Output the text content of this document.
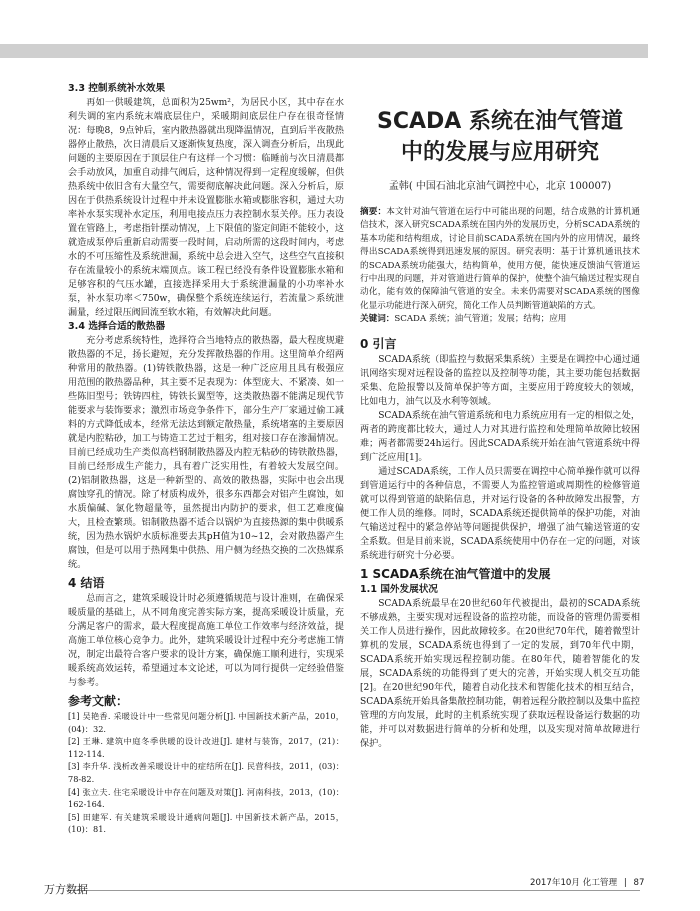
3.3 控制系统补水效果

再如一供暖建筑，总面积为25wm²，为居民小区，其中存在水利失调的室内系统末端底层住户，采暖期间底层住户存在很奇怪情况：每晚8，9点钟后，室内散热器就出现降温情况，直到后半夜散热器停止散热，次日清晨后又逐渐恢复热度，深入调查分析后，出现此问题的主要原因在于顶层住户有这样一个习惯：临睡前与次日清晨都会手动放风，加重自动排气阀后，这种情况得到一定程度缓解，但供热系统中依旧含有大量空气，需要彻底解决此问题。深入分析后，原因在于供热系统设计过程中并未设置膨胀水箱或膨胀容积，通过大功率补水泵实现补水定压，利用电接点压力表控制水泵关停。压力表设置在管路上，考虑指针摆动情况，上下限值的鉴定间距不能较小，这就造成泵停后重新启动需要一段时间，启动所需的这段时间内，考虑水的不可压缩性及系统泄漏，系统中总会进入空气，这些空气直接积存在流量较小的系统末端顶点。该工程已经没有条件设置膨胀水箱和足够容积的气压水罐，直接选择采用大于系统泄漏量的小功率补水泵，补水泵功率＜750w，确保整个系统连续运行，若流量＞系统泄漏量，经过限压阀回流至软水箱，有效解决此问题。

3.4 选择合适的散热器

充分考虑系统特性，选择符合当地特点的散热器，最大程度规避散热器的不足，扬长避短，充分发挥散热器的作用。这里简单介绍两种常用的散热器。(1)铸铁散热器，这是一种广泛应用且具有极强应用范围的散热器品种，其主要不足表现为：体型庞大、不紧凑、如一些陈旧型号；铁铸四柱，铸铁长翼型等，这类散热器不能满足现代节能要求与装饰要求；激烈市场竞争条件下，部分生产厂家通过偷工减料的方式降低成本，经常无法达到额定散热量，系统堵塞的主要原因就是内腔粘砂，加工与铸造工艺过于粗劣，组对接口存在渗漏情况。目前已经成功生产类似高档钢制散热器及内腔无粘砂的铸铁散热器，目前已经形成生产能力，具有着广泛实用性，有着较大发展空间。(2)铝制散热器，这是一种新型的、高效的散热器，实际中也会出现腐蚀穿孔的情况。除了材质构成外，很多东西都会对铝产生腐蚀，如水质偏碱、氯化物超量等，虽然提出内防护的要求，但工艺难度偏大，且检查繁琐。铝制散热器不适合以锅炉为直接热源的集中供暖系统，因为热水锅炉水质标准要去其pH值为10~12，会对散热器产生腐蚀，但是可以用于热网集中供热、用户侧为经热交换的二次热媒系统。

4 结语

总而言之，建筑采暖设计时必须遵循规范与设计准则，在确保采暖质量的基础上，从不同角度完善实际方案，提高采暖设计质量，充分满足客户的需求，最大程度提高施工单位工作效率与经济效益，提高施工单位核心竞争力。此外，建筑采暖设计过程中充分考虑施工情况，制定出最符合客户要求的设计方案，确保施工顺利进行，实现采暖系统高效运转，希望通过本文论述，可以为同行提供一定经验借鉴与参考。

参考文献：

[1] 吴艳香. 采暖设计中一些常见问题分析[J]. 中国新技术新产品，2010，(04)：32.

[2] 王琳. 建筑中庭冬季供暖的设计改进[J]. 建材与装饰，2017，(21)：112-114.

[3] 李升华. 浅析改善采暖设计中的症结所在[J]. 民营科技，2011，(03)：78-82.

[4] 张立夫. 住宅采暖设计中存在问题及对策[J]. 河南科技，2013，(10)：162-164.

[5] 田建军. 有关建筑采暖设计通病问题[J]. 中国新技术新产品，2015，(10)：81.

SCADA 系统在油气管道
中的发展与应用研究
孟韩( 中国石油北京油气调控中心，北京 100007)

摘要：本文针对油气管道在运行中可能出现的问题，结合成熟的计算机通信技术，深入研究SCADA系统在国内外的发展历史，分析SCADA系统的基本功能和结构组成，讨论目前SCADA系统在国内外的应用情况，最终得出SCADA系统得到迅速发展的原因。研究表明：基于计算机通讯技术的SCADA系统功能强大，结构简单，使用方便，能快速反馈油气管道运行中出现的问题，并对管道进行简单的保护，使整个油气输送过程实现自动化，能有效的保障油气管道的安全。未来仍需要对SCADA系统的图像化显示功能进行深入研究，简化工作人员判断管道缺陷的方式。

关键词：SCADA 系统；油气管道；发展；结构；应用

0 引言

SCADA系统（即监控与数据采集系统）主要是在调控中心通过通讯网络实现对远程设备的监控以及控制等功能，其主要功能包括数据采集、危险报警以及简单保护等方面，主要应用于跨度较大的领域，比如电力，油气以及水利等领域。

SCADA系统在油气管道系统和电力系统应用有一定的相似之处，两者的跨度都比较大，通过人力对其进行监控和处理简单故障比较困难；两者都需要24h运行。因此SCADA系统开始在油气管道系统中得到广泛应用[1]。

通过SCADA系统，工作人员只需要在调控中心简单操作就可以得到管道运行中的各种信息，不需要人为监控管道或周期性的检修管道就可以得到管道的缺陷信息，并对运行设备的各种故障发出报警，方便工作人员的维修。同时，SCADA系统还提供简单的保护功能，对油气输送过程中的紧急停站等问题提供保护，增强了油气输送管道的安全系数。但是目前来说，SCADA系统使用中仍存在一定的问题，对该系统进行研究十分必要。

1 SCADA系统在油气管道中的发展
1.1 国外发展状况

SCADA系统最早在20世纪60年代被提出，最初的SCADA系统不够成熟，主要实现对远程设备的监控功能，而设备的管理仍需要相关工作人员进行操作，因此故障较多。在20世纪70年代，随着微型计算机的发展，SCADA系统也得到了一定的发展，到70年代中期，SCADA系统开始实现远程控制功能。在80年代，随着智能化的发展，SCADA系统的功能得到了更大的完善，开始实现人机交互功能[2]。在20世纪90年代，随着自动化技术和智能化技术的相互结合，SCADA系统开始具备集散控制功能，朝着远程分散控制以及集中监控管理的方向发展，此时的主机系统实现了获取远程设备运行数据的功能，并可以对数据进行简单的分析和处理，以及实现对简单故障进行保护。

2017年10月 化工管理 | 87
万方数据
